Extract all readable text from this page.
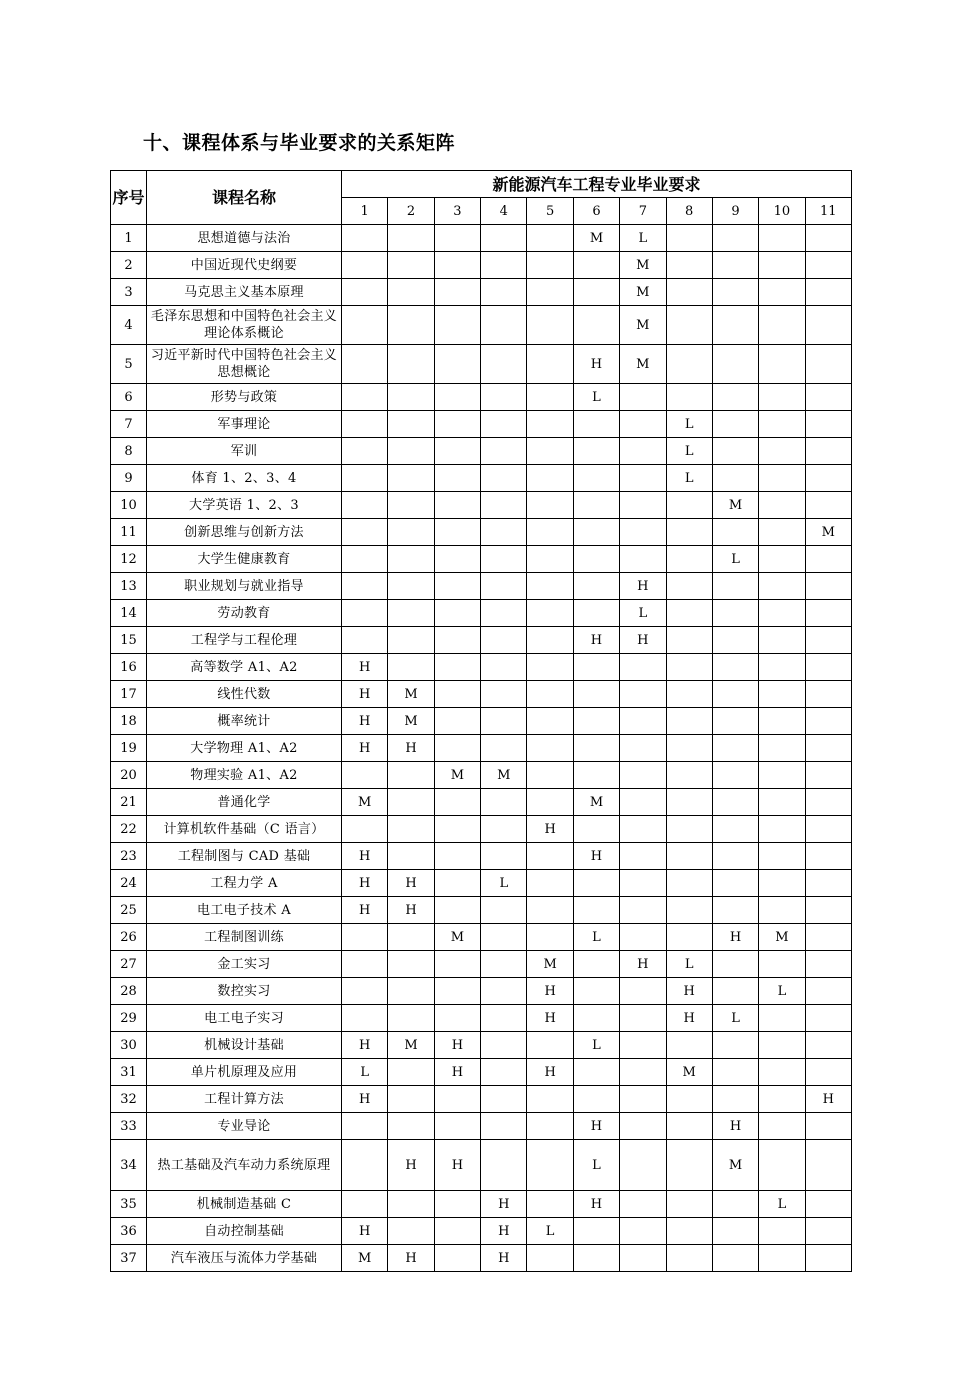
十、课程体系与毕业要求的关系矩阵
序号	课程名称	新能源汽车工程专业毕业要求										
		1	2	3	4	5	6	7	8	9	10	11
1	思想道德与法治						M	L				
2	中国近现代史纲要							M				
3	马克思主义基本原理							M				
4	毛泽东思想和中国特色社会主义理论体系概论							M				
5	习近平新时代中国特色社会主义思想概论						H	M				
6	形势与政策						L					
7	军事理论								L			
8	军训								L			
9	体育 1、2、3、4								L			
10	大学英语 1、2、3									M		
11	创新思维与创新方法											M
12	大学生健康教育									L		
13	职业规划与就业指导							H				
14	劳动教育							L				
15	工程学与工程伦理						H	H				
16	高等数学 A1、A2	H										
17	线性代数	H	M									
18	概率统计	H	M									
19	大学物理 A1、A2	H	H									
20	物理实验 A1、A2			M	M							
21	普通化学	M					M					
22	计算机软件基础（C 语言）					H						
23	工程制图与 CAD 基础	H					H					
24	工程力学 A	H	H		L							
25	电工电子技术 A	H	H									
26	工程制图训练			M			L			H	M	
27	金工实习					M		H	L			
28	数控实习					H			H		L	
29	电工电子实习					H			H	L		
30	机械设计基础	H	M	H			L					
31	单片机原理及应用	L		H		H			M			
32	工程计算方法	H										H
33	专业导论						H			H		
34	热工基础及汽车动力系统原理		H	H			L			M		
35	机械制造基础 C				H		H				L	
36	自动控制基础	H			H	L						
37	汽车液压与流体力学基础	M	H		H							
